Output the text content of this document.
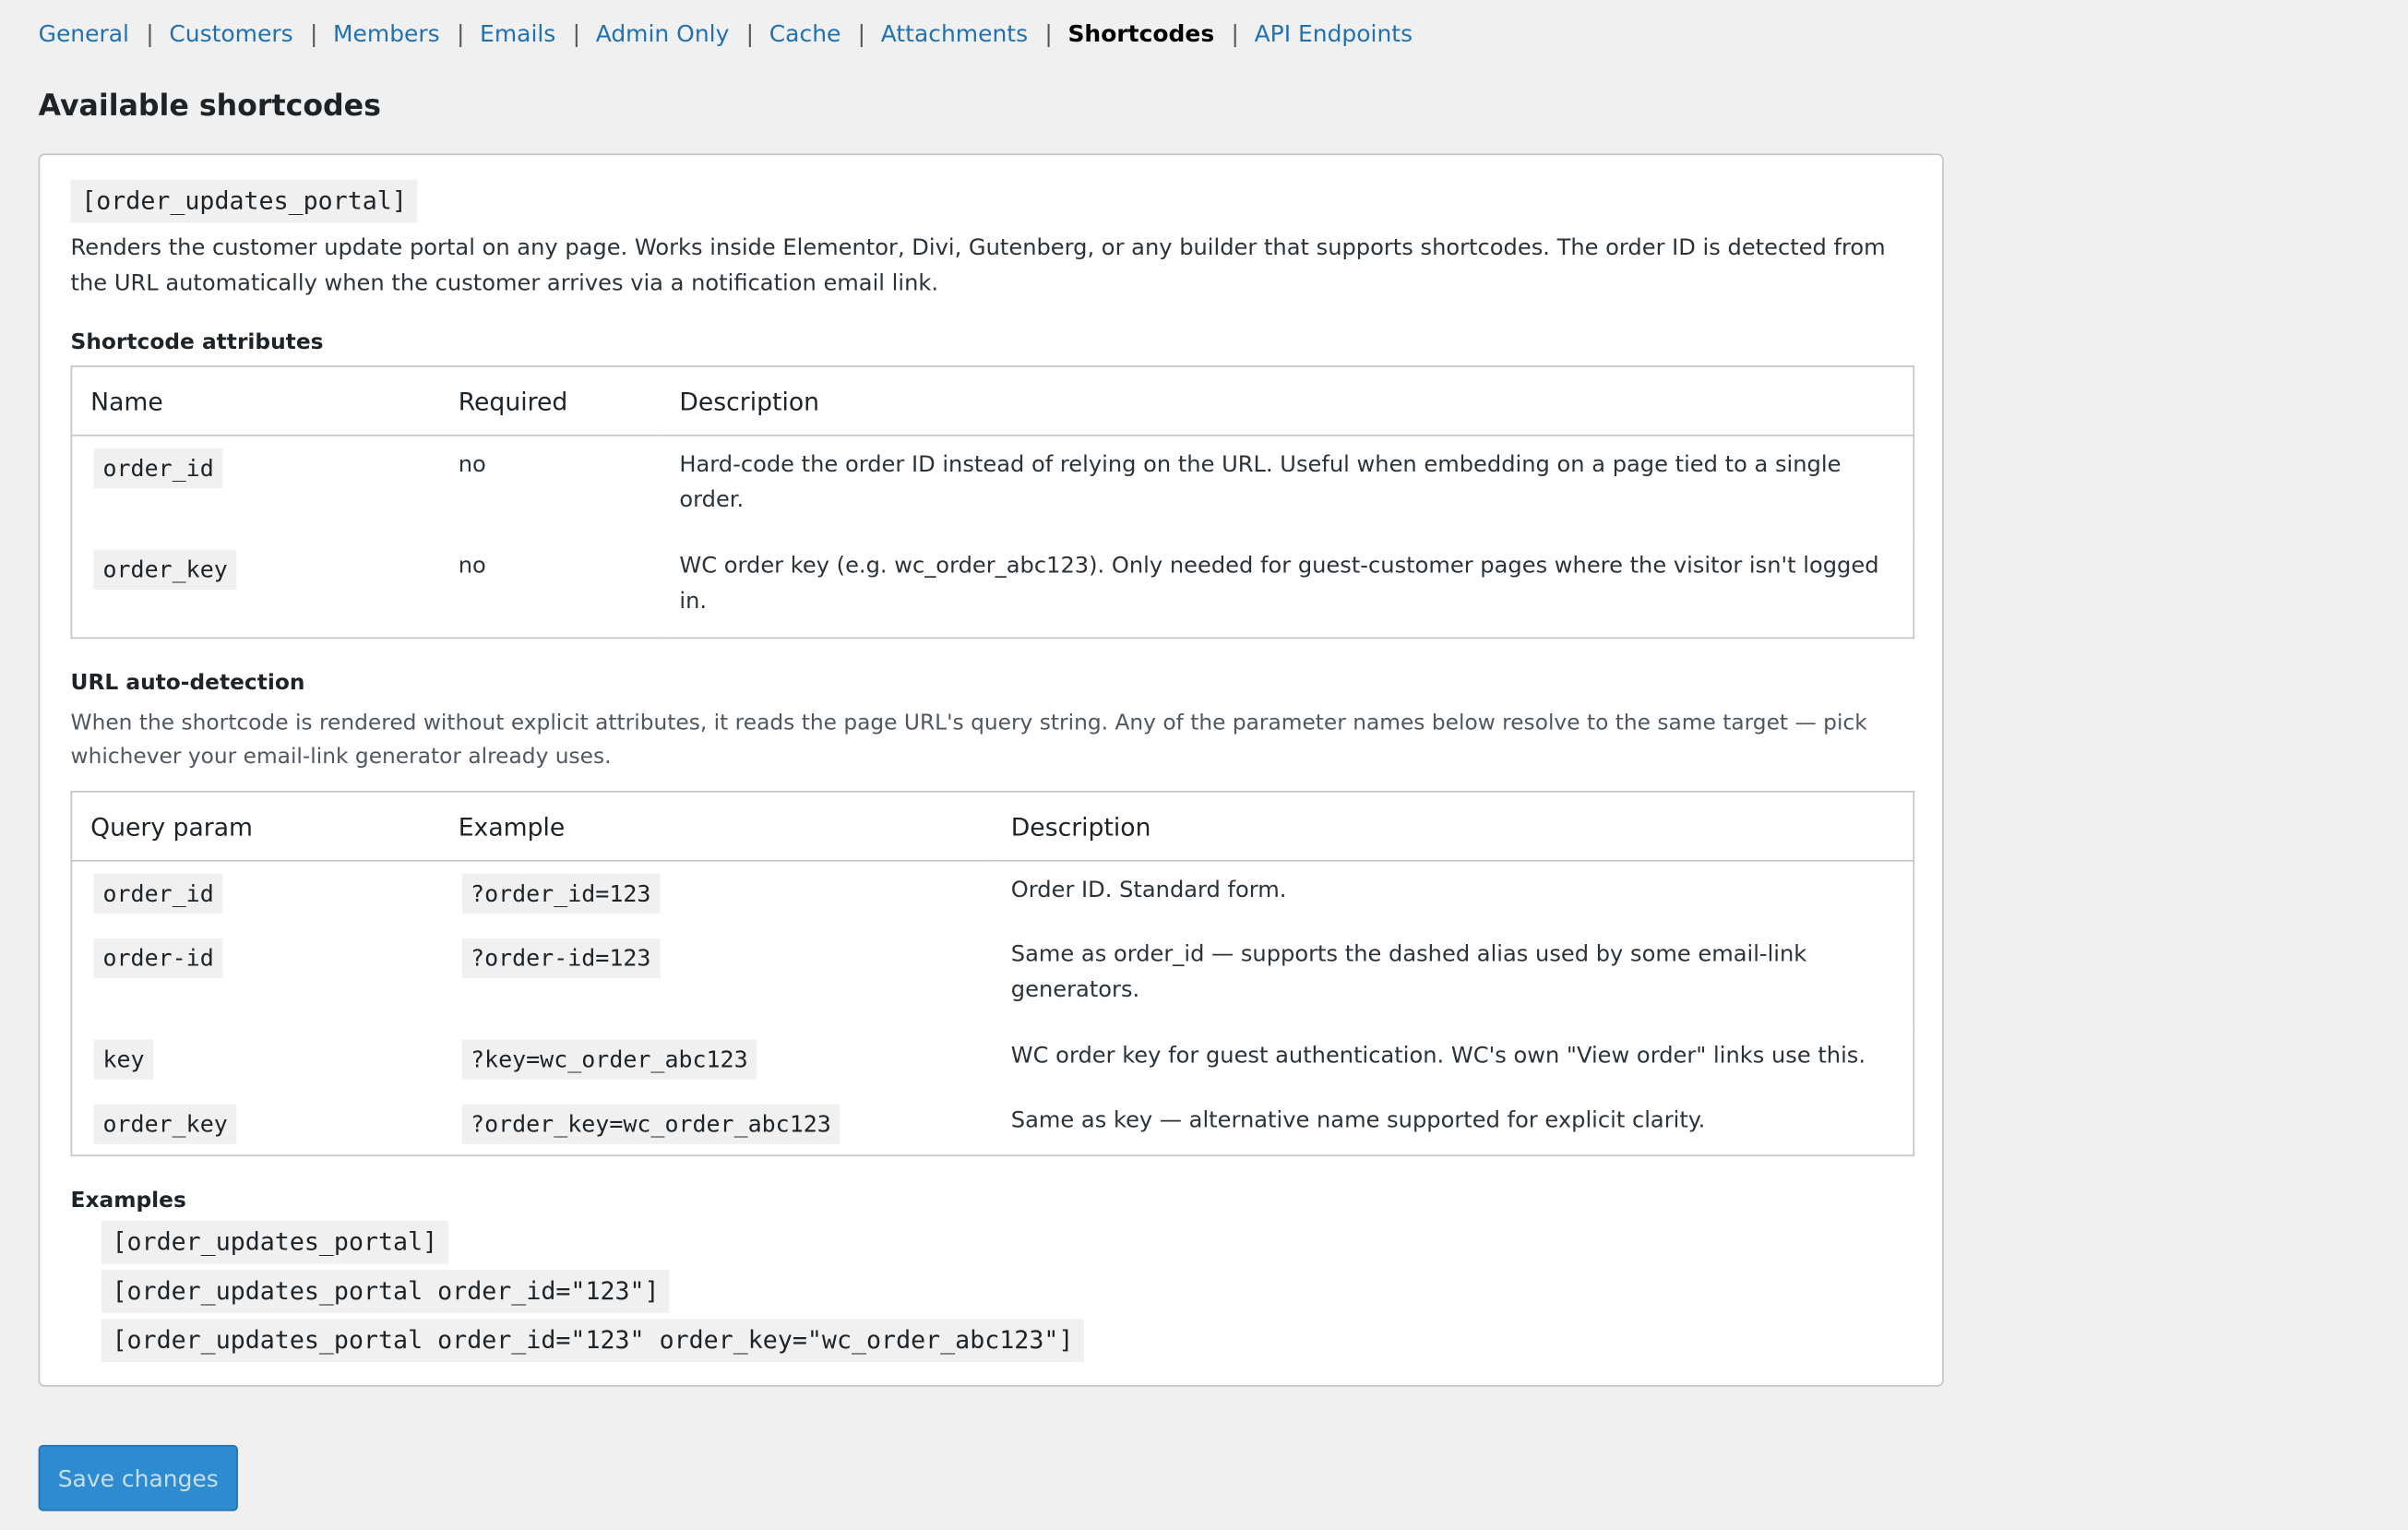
General | Customers | Members | Emails | Admin Only | Cache | Attachments | Shortcodes | API Endpoints
Available shortcodes
[order_updates_portal]

Renders the customer update portal on any page. Works inside Elementor, Divi, Gutenberg, or any builder that supports shortcodes. The order ID is detected from the URL automatically when the customer arrives via a notification email link.

Shortcode attributes
Name	Required	Description
order_id	no	Hard-code the order ID instead of relying on the URL. Useful when embedding on a page tied to a single order.
order_key	no	WC order key (e.g. wc_order_abc123). Only needed for guest-customer pages where the visitor isn't logged in.
URL auto-detection

When the shortcode is rendered without explicit attributes, it reads the page URL's query string. Any of the parameter names below resolve to the same target — pick whichever your email-link generator already uses.

Query param	Example	Description
order_id	?order_id=123	Order ID. Standard form.
order-id	?order-id=123	Same as order_id — supports the dashed alias used by some email-link generators.
key	?key=wc_order_abc123	WC order key for guest authentication. WC's own "View order" links use this.
order_key	?order_key=wc_order_abc123	Same as key — alternative name supported for explicit clarity.
Examples
[order_updates_portal]
[order_updates_portal order_id="123"]
[order_updates_portal order_id="123" order_key="wc_order_abc123"]
Save changes
